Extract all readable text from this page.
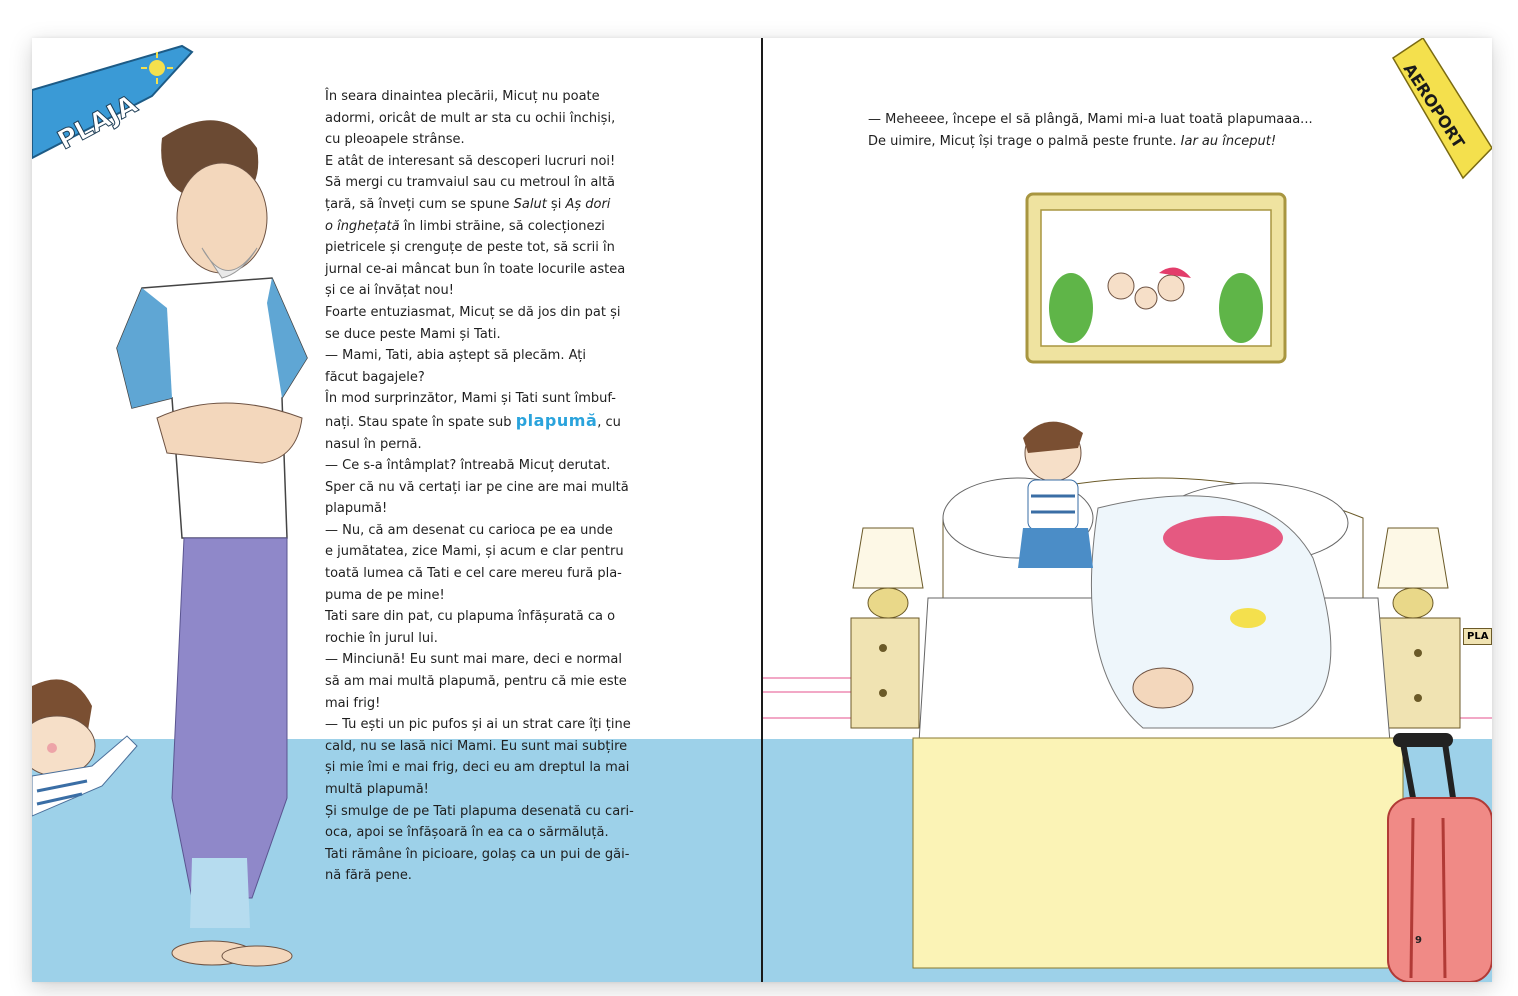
PLAJA	În seara dinaintea plecării, Micuț nu poate
adormi, oricât de mult ar sta cu ochii închiși,
cu pleoapele strânse.
E atât de interesant să descoperi lucruri noi!
Să mergi cu tramvaiul sau cu metroul în altă
țară, să înveți cum se spune Salut și Aș dori
o înghețată în limbi străine, să colecționezi
pietricele și crenguțe de peste tot, să scrii în
jurnal ce-ai mâncat bun în toate locurile astea
și ce ai învățat nou!
Foarte entuziasmat, Micuț se dă jos din pat și
se duce peste Mami și Tati.
— Mami, Tati, abia aștept să plecăm. Ați
făcut bagajele?
În mod surprinzător, Mami și Tati sunt îmbuf-
nați. Stau spate în spate sub plapumă, cu
nasul în pernă.
— Ce s-a întâmplat? întreabă Micuț derutat.
Sper că nu vă certați iar pe cine are mai multă
plapumă!
— Nu, că am desenat cu carioca pe ea unde
e jumătatea, zice Mami, și acum e clar pentru
toată lumea că Tati e cel care mereu fură pla-
puma de pe mine!
Tati sare din pat, cu plapuma înfășurată ca o
rochie în jurul lui.
— Minciună! Eu sunt mai mare, deci e normal
să am mai multă plapumă, pentru că mie este
mai frig!
— Tu ești un pic pufos și ai un strat care îți ține
cald, nu se lasă nici Mami. Eu sunt mai subțire
și mie îmi e mai frig, deci eu am dreptul la mai
multă plapumă!
Și smulge de pe Tati plapuma desenată cu cari-
oca, apoi se înfășoară în ea ca o sărmăluță.
Tati rămâne în picioare, golaș ca un pui de găi-
nă fără pene.
— Meheeee, începe el să plângă, Mami mi-a luat toată plapumaaa...
De uimire, Micuț își trage o palmă peste frunte. Iar au început!	AEROPORT
PLA
9
